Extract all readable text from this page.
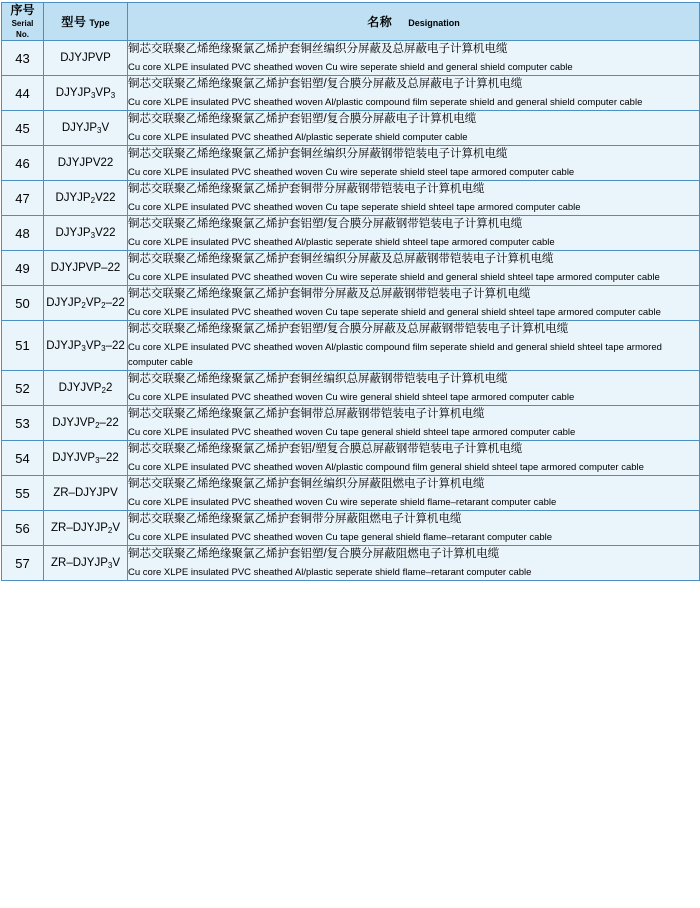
序号
Serial
No.	型号 Type	名称 Designation
43	DJYJPVP	铜芯交联聚乙烯绝缘聚氯乙烯护套铜丝编织分屏蔽及总屏蔽电子计算机电缆
Cu core XLPE insulated PVC sheathed woven Cu wire seperate shield and general shield computer cable

44	$DJYJP_3VP_3$	铜芯交联聚乙烯绝缘聚氯乙烯护套铝塑/复合膜分屏蔽及总屏蔽电子计算机电缆
Cu core XLPE insulated PVC sheathed woven Al/plastic compound film seperate shield and general shield computer cable

45	$DJYJP_3V$	铜芯交联聚乙烯绝缘聚氯乙烯护套铝塑/复合膜分屏蔽电子计算机电缆
Cu core XLPE insulated PVC sheathed Al/plastic seperate shield computer cable

46	DJYJPV22	铜芯交联聚乙烯绝缘聚氯乙烯护套铜丝编织分屏蔽钢带铠装电子计算机电缆
Cu core XLPE insulated PVC sheathed woven Cu wire seperate shield steel tape armored computer cable

47	$DJYJP_2V22$	铜芯交联聚乙烯绝缘聚氯乙烯护套铜带分屏蔽钢带铠装电子计算机电缆
Cu core XLPE insulated PVC sheathed woven Cu tape seperate shield shteel tape armored computer cable

48	$DJYJP_3V22$	铜芯交联聚乙烯绝缘聚氯乙烯护套铝塑/复合膜分屏蔽钢带铠装电子计算机电缆
Cu core XLPE insulated PVC sheathed Al/plastic seperate shield shteel tape armored computer cable

49	DJYJPVP–22	铜芯交联聚乙烯绝缘聚氯乙烯护套铜丝编织分屏蔽及总屏蔽钢带铠装电子计算机电缆
Cu core XLPE insulated PVC sheathed woven Cu wire seperate shield and general shield shteel tape armored computer cable

50	$DJYJP_2VP_2-22$	铜芯交联聚乙烯绝缘聚氯乙烯护套铜带分屏蔽及总屏蔽钢带铠装电子计算机电缆
Cu core XLPE insulated PVC sheathed woven Cu tape seperate shield and general shield shteel tape armored computer cable

51	$DJYJP_3VP_3-22$	铜芯交联聚乙烯绝缘聚氯乙烯护套铝塑/复合膜分屏蔽及总屏蔽钢带铠装电子计算机电缆
Cu core XLPE insulated PVC sheathed woven Al/plastic compound film seperate shield and general shield shteel tape armored computer cable

52	$DJYJVP_22$	铜芯交联聚乙烯绝缘聚氯乙烯护套铜丝编织总屏蔽钢带铠装电子计算机电缆
Cu core XLPE insulated PVC sheathed woven Cu wire general shield shteel tape armored computer cable

53	$DJYJVP_2-22$	铜芯交联聚乙烯绝缘聚氯乙烯护套铜带总屏蔽钢带铠装电子计算机电缆
Cu core XLPE insulated PVC sheathed woven Cu tape general shield shteel tape armored computer cable

54	$DJYJVP_3-22$	铜芯交联聚乙烯绝缘聚氯乙烯护套铝/塑复合膜总屏蔽钢带铠装电子计算机电缆
Cu core XLPE insulated PVC sheathed woven Al/plastic compound film general shield shteel tape armored computer cable

55	ZR–DJYJPV	铜芯交联聚乙烯绝缘聚氯乙烯护套铜丝编织分屏蔽阻燃电子计算机电缆
Cu core XLPE insulated PVC sheathed woven Cu wire seperate shield flame–retarant computer cable

56	$ZR-DJYJP_2V$	铜芯交联聚乙烯绝缘聚氯乙烯护套铜带分屏蔽阻燃电子计算机电缆
Cu core XLPE insulated PVC sheathed woven Cu tape general shield flame–retarant computer cable

57	$ZR-DJYJP_3V$	铜芯交联聚乙烯绝缘聚氯乙烯护套铝塑/复合膜分屏蔽阻燃电子计算机电缆
Cu core XLPE insulated PVC sheathed Al/plastic seperate shield flame–retarant computer cable
